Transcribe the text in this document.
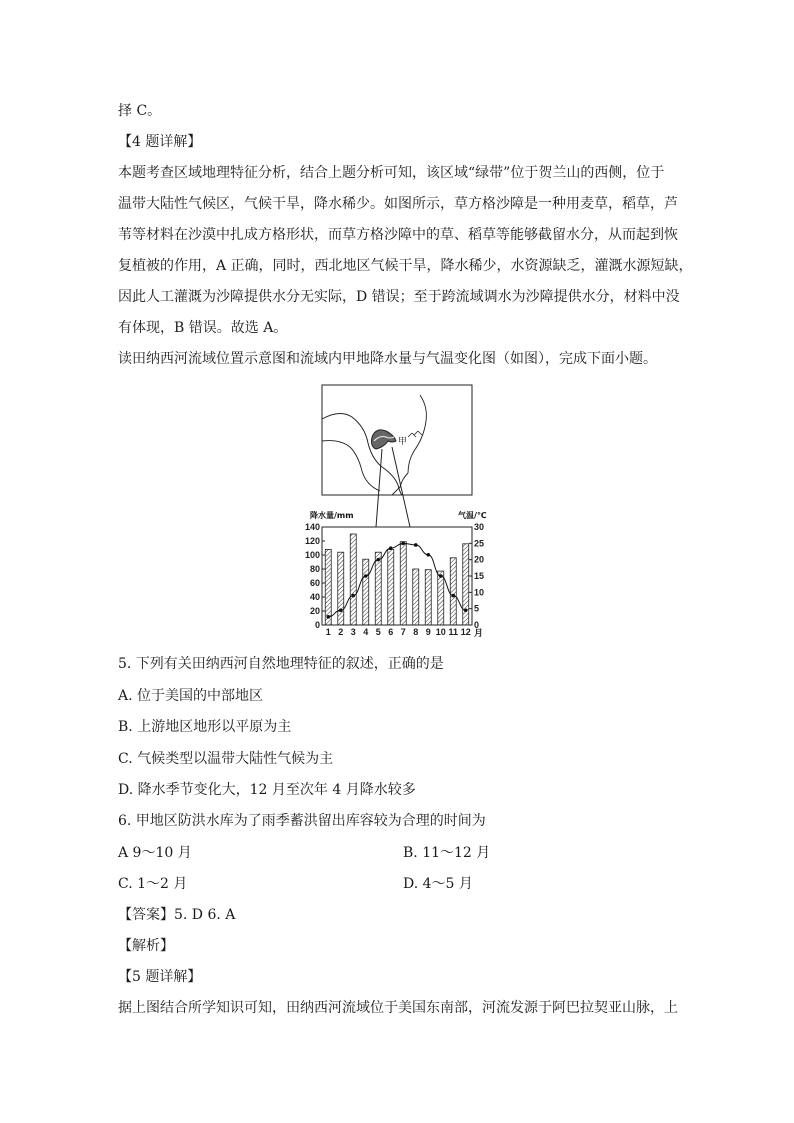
择 C。
【4 题详解】
本题考查区域地理特征分析，结合上题分析可知，该区域“绿带”位于贺兰山的西侧，位于
温带大陆性气候区，气候干旱，降水稀少。如图所示，草方格沙障是一种用麦草，稻草，芦
苇等材料在沙漠中扎成方格形状，而草方格沙障中的草、稻草等能够截留水分，从而起到恢
复植被的作用，A 正确，同时，西北地区气候干旱，降水稀少，水资源缺乏，灌溉水源短缺，
因此人工灌溉为沙障提供水分无实际，D 错误；至于跨流域调水为沙障提供水分，材料中没
有体现，B 错误。故选 A。
读田纳西河流域位置示意图和流域内甲地降水量与气温变化图（如图），完成下面小题。
甲
降水量/mm	气温/℃
0
20
40
60
80
100
120
140
0
5
10
15
20
25
30
1 2 3 4 5 6 7 8 9 10 11 12 月
5. 下列有关田纳西河自然地理特征的叙述，正确的是
A. 位于美国的中部地区
B. 上游地区地形以平原为主
C. 气候类型以温带大陆性气候为主
D. 降水季节变化大，12 月至次年 4 月降水较多
6. 甲地区防洪水库为了雨季蓄洪留出库容较为合理的时间为
A 9～10 月	B. 11～12 月
C. 1～2 月	D. 4～5 月
【答案】5. D 6. A
【解析】
【5 题详解】
据上图结合所学知识可知，田纳西河流域位于美国东南部，河流发源于阿巴拉契亚山脉，上
